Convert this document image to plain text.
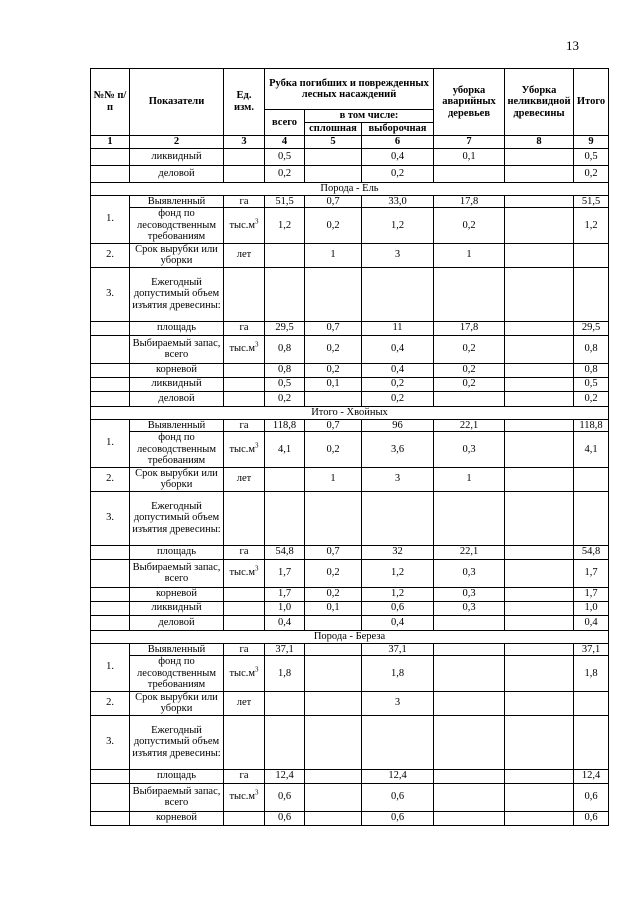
13
№№ п/п	Показатели	Ед. изм.	Рубка погибших и поврежденных лесных насаждений			уборка аварийных деревьев	Уборка неликвидной древесины	Итого
			всего	в том числе:				
				сплошная	выборочная			
1	2	3	4	5	6	7	8	9
	ликвидный		0,5		0,4	0,1		0,5
	деловой		0,2		0,2			0,2
Порода - Ель								
1.	Выявленный	га	51,5	0,7	33,0	17,8		51,5
	фонд по лесоводственным требованиям	$тыс.м^3$	1,2	0,2	1,2	0,2		1,2
2.	Срок вырубки или уборки	лет		1	3	1		
3.	Ежегодный допустимый объем изъятия древесины:							
	площадь	га	29,5	0,7	11	17,8		29,5
	Выбираемый запас, всего	$тыс.м^3$	0,8	0,2	0,4	0,2		0,8
	корневой		0,8	0,2	0,4	0,2		0,8
	ликвидный		0,5	0,1	0,2	0,2		0,5
	деловой		0,2		0,2			0,2
Итого - Хвойных								
1.	Выявленный	га	118,8	0,7	96	22,1		118,8
	фонд по лесоводственным требованиям	$тыс.м^3$	4,1	0,2	3,6	0,3		4,1
2.	Срок вырубки или уборки	лет		1	3	1		
3.	Ежегодный допустимый объем изъятия древесины:							
	площадь	га	54,8	0,7	32	22,1		54,8
	Выбираемый запас, всего	$тыс.м^3$	1,7	0,2	1,2	0,3		1,7
	корневой		1,7	0,2	1,2	0,3		1,7
	ликвидный		1,0	0,1	0,6	0,3		1,0
	деловой		0,4		0,4			0,4
Порода - Береза								
1.	Выявленный	га	37,1		37,1			37,1
	фонд по лесоводственным требованиям	$тыс.м^3$	1,8		1,8			1,8
2.	Срок вырубки или уборки	лет			3			
3.	Ежегодный допустимый объем изъятия древесины:							
	площадь	га	12,4		12,4			12,4
	Выбираемый запас, всего	$тыс.м^3$	0,6		0,6			0,6
	корневой		0,6		0,6			0,6
